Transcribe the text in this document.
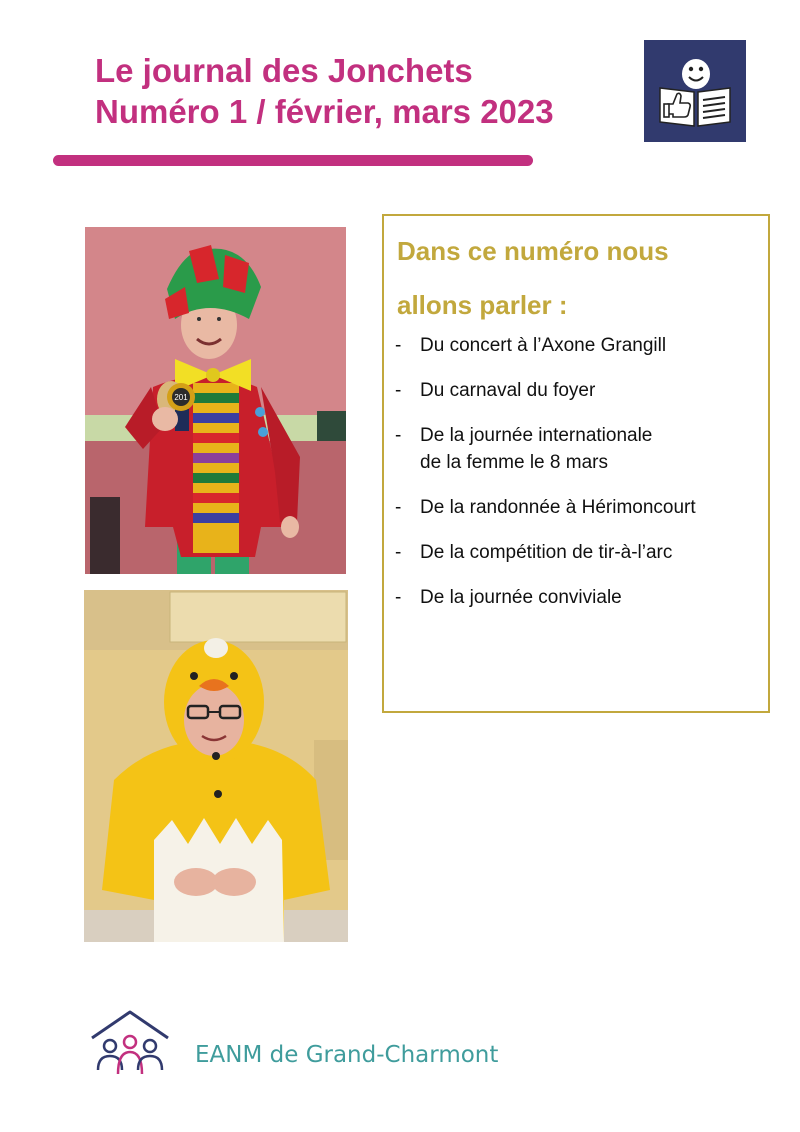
Le journal des Jonchets
Numéro 1 / février, mars 2023
201
Dans ce numéro nous
allons parler :
- Du concert à l’Axone Grangill
- Du carnaval du foyer
- De la journée internationale
de la femme le 8 mars
- De la randonnée à Hérimoncourt
- De la compétition de tir-à-l’arc
- De la journée conviviale
EANM de Grand-Charmont
